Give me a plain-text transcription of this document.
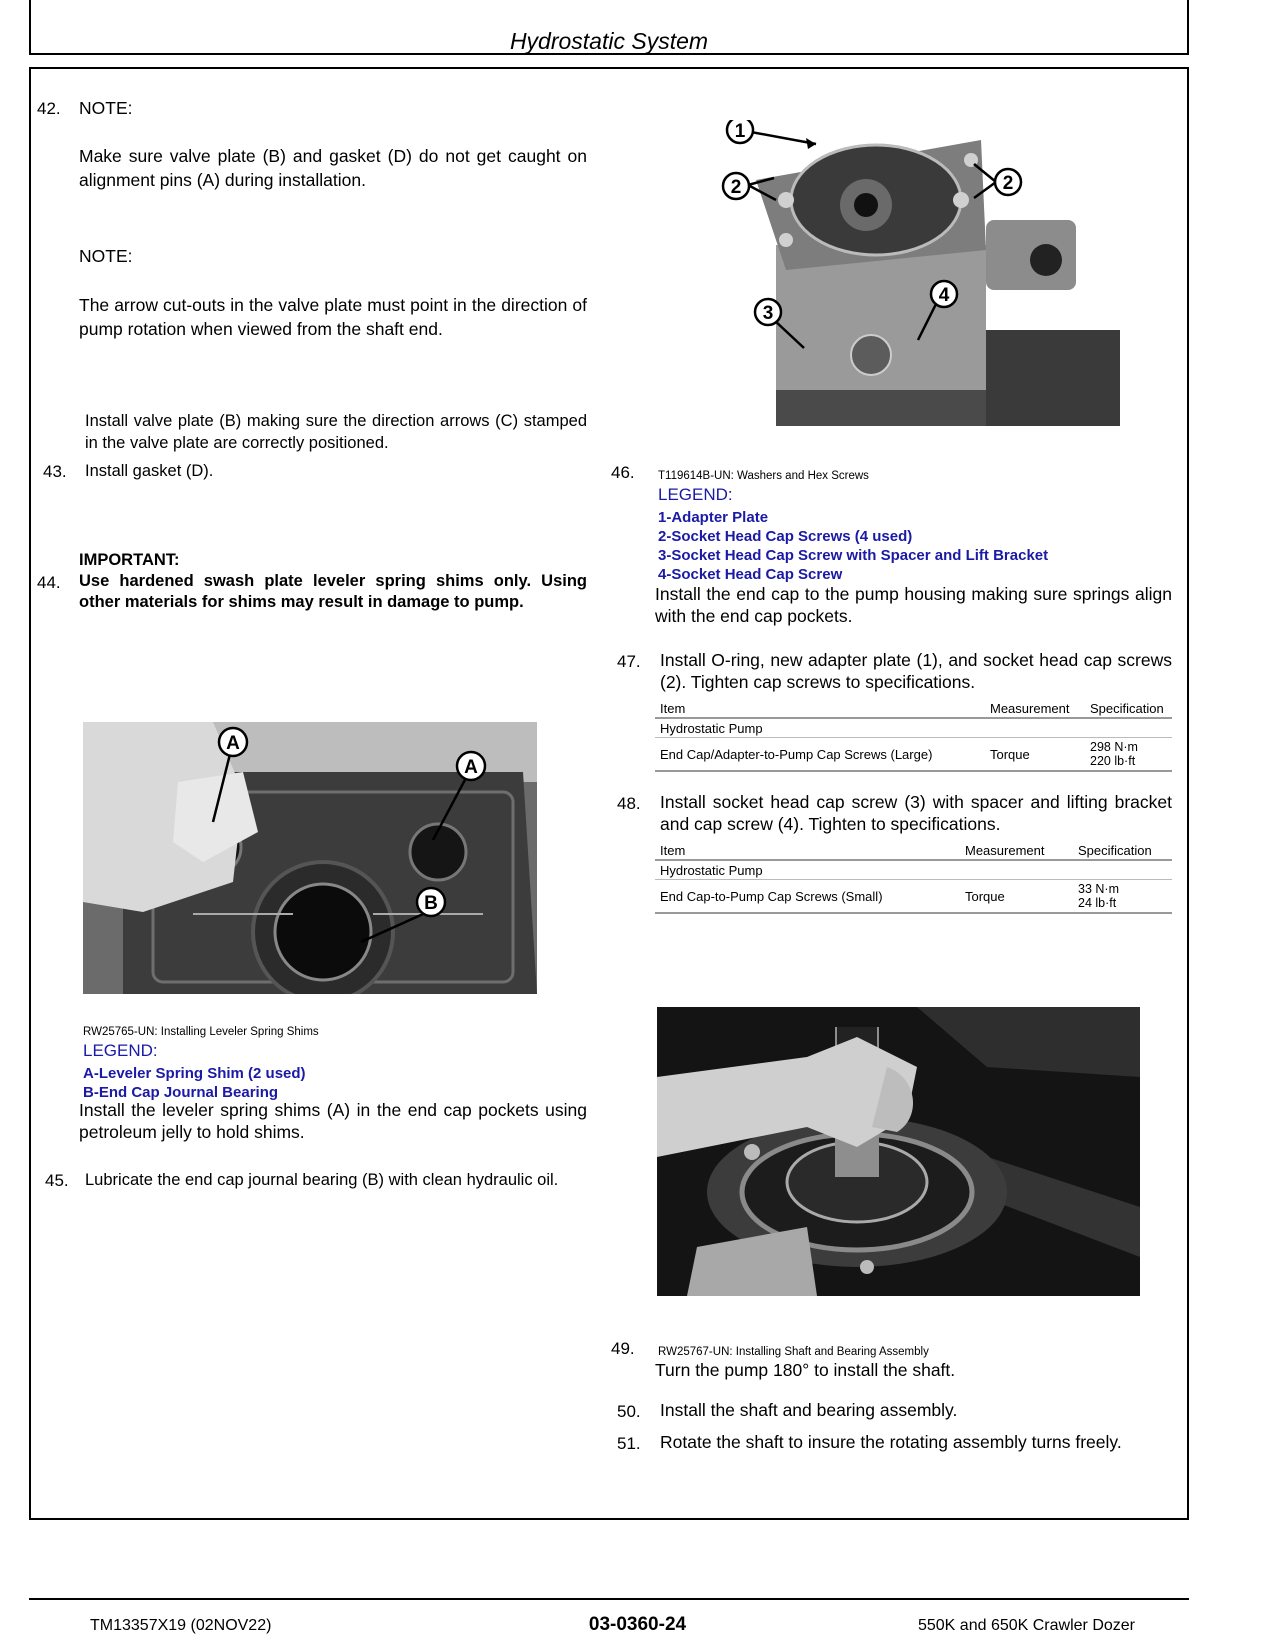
Hydrostatic System
42. NOTE:
Make sure valve plate (B) and gasket (D) do not get caught on alignment pins (A) during installation.
NOTE:
The arrow cut-outs in the valve plate must point in the direction of pump rotation when viewed from the shaft end.
Install valve plate (B) making sure the direction arrows (C) stamped in the valve plate are correctly positioned.
43. Install gasket (D).
IMPORTANT:
44. Use hardened swash plate leveler spring shims only. Using other materials for shims may result in damage to pump.
A
A
B
RW25765-UN: Installing Leveler Spring Shims
LEGEND:
A-Leveler Spring Shim (2 used)
B-End Cap Journal Bearing
Install the leveler spring shims (A) in the end cap pockets using petroleum jelly to hold shims.
45. Lubricate the end cap journal bearing (B) with clean hydraulic oil.
1
2	2
3
4
46. T119614B-UN: Washers and Hex Screws
LEGEND:
1-Adapter Plate
2-Socket Head Cap Screws (4 used)
3-Socket Head Cap Screw with Spacer and Lift Bracket
4-Socket Head Cap Screw
Install the end cap to the pump housing making sure springs align with the end cap pockets.
47. Install O-ring, new adapter plate (1), and socket head cap screws (2). Tighten cap screws to specifications.
Item	Measurement	Specification
Hydrostatic Pump		
End Cap/Adapter-to-Pump Cap Screws (Large)	Torque	298 N·m
220 lb·ft
48. Install socket head cap screw (3) with spacer and lifting bracket and cap screw (4). Tighten to specifications.
Item	Measurement	Specification
Hydrostatic Pump		
End Cap-to-Pump Cap Screws (Small)	Torque	33 N·m
24 lb·ft
49. RW25767-UN: Installing Shaft and Bearing Assembly
Turn the pump 180° to install the shaft.
50. Install the shaft and bearing assembly.
51. Rotate the shaft to insure the rotating assembly turns freely.
TM13357X19 (02NOV22)	03-0360-24	550K and 650K Crawler Dozer
